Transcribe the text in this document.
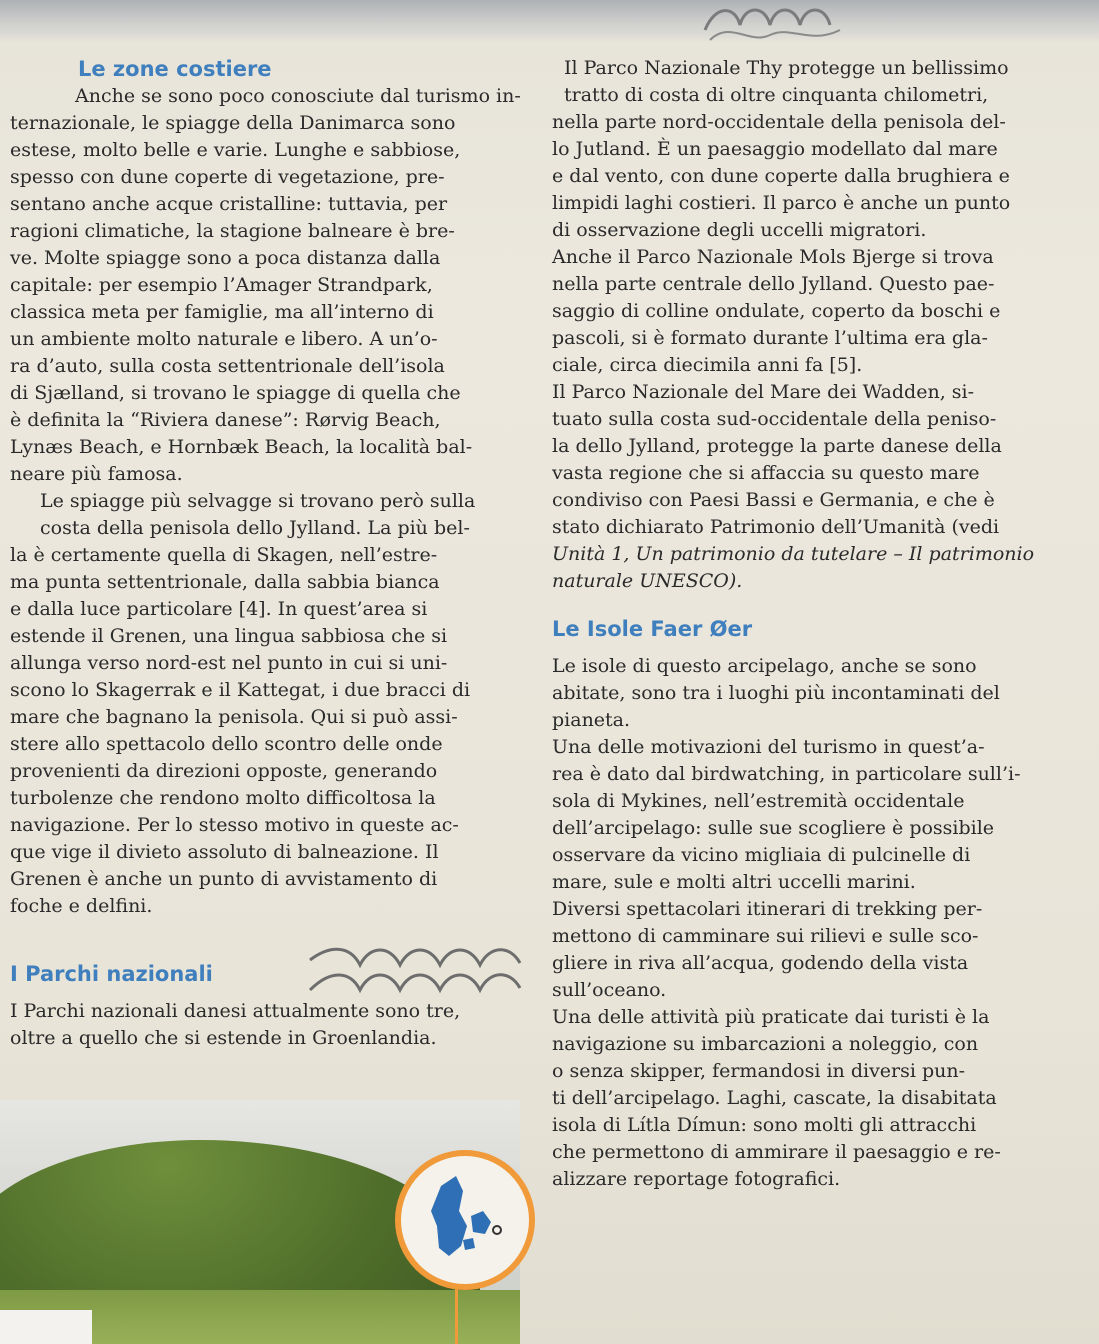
Le zone costiere

Anche se sono poco conosciute dal turismo in-
ternazionale, le spiagge della Danimarca sono
estese, molto belle e varie. Lunghe e sabbiose,
spesso con dune coperte di vegetazione, pre-
sentano anche acque cristalline: tuttavia, per
ragioni climatiche, la stagione balneare è bre-
ve. Molte spiagge sono a poca distanza dalla
capitale: per esempio l’Amager Strandpark,
classica meta per famiglie, ma all’interno di
un ambiente molto naturale e libero. A un’o-
ra d’auto, sulla costa settentrionale dell’isola
di Sjælland, si trovano le spiagge di quella che
è definita la “Riviera danese”: Rørvig Beach,
Lynæs Beach, e Hornbæk Beach, la località bal-
neare più famosa.

Le spiagge più selvagge si trovano però sulla
costa della penisola dello Jylland. La più bel-
la è certamente quella di Skagen, nell’estre-
ma punta settentrionale, dalla sabbia bianca
e dalla luce particolare [4]. In quest’area si
estende il Grenen, una lingua sabbiosa che si
allunga verso nord-est nel punto in cui si uni-
scono lo Skagerrak e il Kattegat, i due bracci di
mare che bagnano la penisola. Qui si può assi-
stere allo spettacolo dello scontro delle onde
provenienti da direzioni opposte, generando
turbolenze che rendono molto difficoltosa la
navigazione. Per lo stesso motivo in queste ac-
que vige il divieto assoluto di balneazione. Il
Grenen è anche un punto di avvistamento di
foche e delfini.

I Parchi nazionali

I Parchi nazionali danesi attualmente sono tre,
oltre a quello che si estende in Groenlandia.

Il Parco Nazionale Thy protegge un bellissimo
tratto di costa di oltre cinquanta chilometri,
nella parte nord-occidentale della penisola del-
lo Jutland. È un paesaggio modellato dal mare
e dal vento, con dune coperte dalla brughiera e
limpidi laghi costieri. Il parco è anche un punto
di osservazione degli uccelli migratori.

Anche il Parco Nazionale Mols Bjerge si trova
nella parte centrale dello Jylland. Questo pae-
saggio di colline ondulate, coperto da boschi e
pascoli, si è formato durante l’ultima era gla-
ciale, circa diecimila anni fa [5].

Il Parco Nazionale del Mare dei Wadden, si-
tuato sulla costa sud-occidentale della peniso-
la dello Jylland, protegge la parte danese della
vasta regione che si affaccia su questo mare
condiviso con Paesi Bassi e Germania, e che è
stato dichiarato Patrimonio dell’Umanità (vedi
Unità 1, Un patrimonio da tutelare – Il patrimonio
naturale UNESCO).

Le Isole Faer Øer

Le isole di questo arcipelago, anche se sono
abitate, sono tra i luoghi più incontaminati del
pianeta.

Una delle motivazioni del turismo in quest’a-
rea è dato dal birdwatching, in particolare sull’i-
sola di Mykines, nell’estremità occidentale
dell’arcipelago: sulle sue scogliere è possibile
osservare da vicino migliaia di pulcinelle di
mare, sule e molti altri uccelli marini.

Diversi spettacolari itinerari di trekking per-
mettono di camminare sui rilievi e sulle sco-
gliere in riva all’acqua, godendo della vista
sull’oceano.

Una delle attività più praticate dai turisti è la
navigazione su imbarcazioni a noleggio, con
o senza skipper, fermandosi in diversi pun-
ti dell’arcipelago. Laghi, cascate, la disabitata
isola di Lítla Dímun: sono molti gli attracchi
che permettono di ammirare il paesaggio e re-
alizzare reportage fotografici.
